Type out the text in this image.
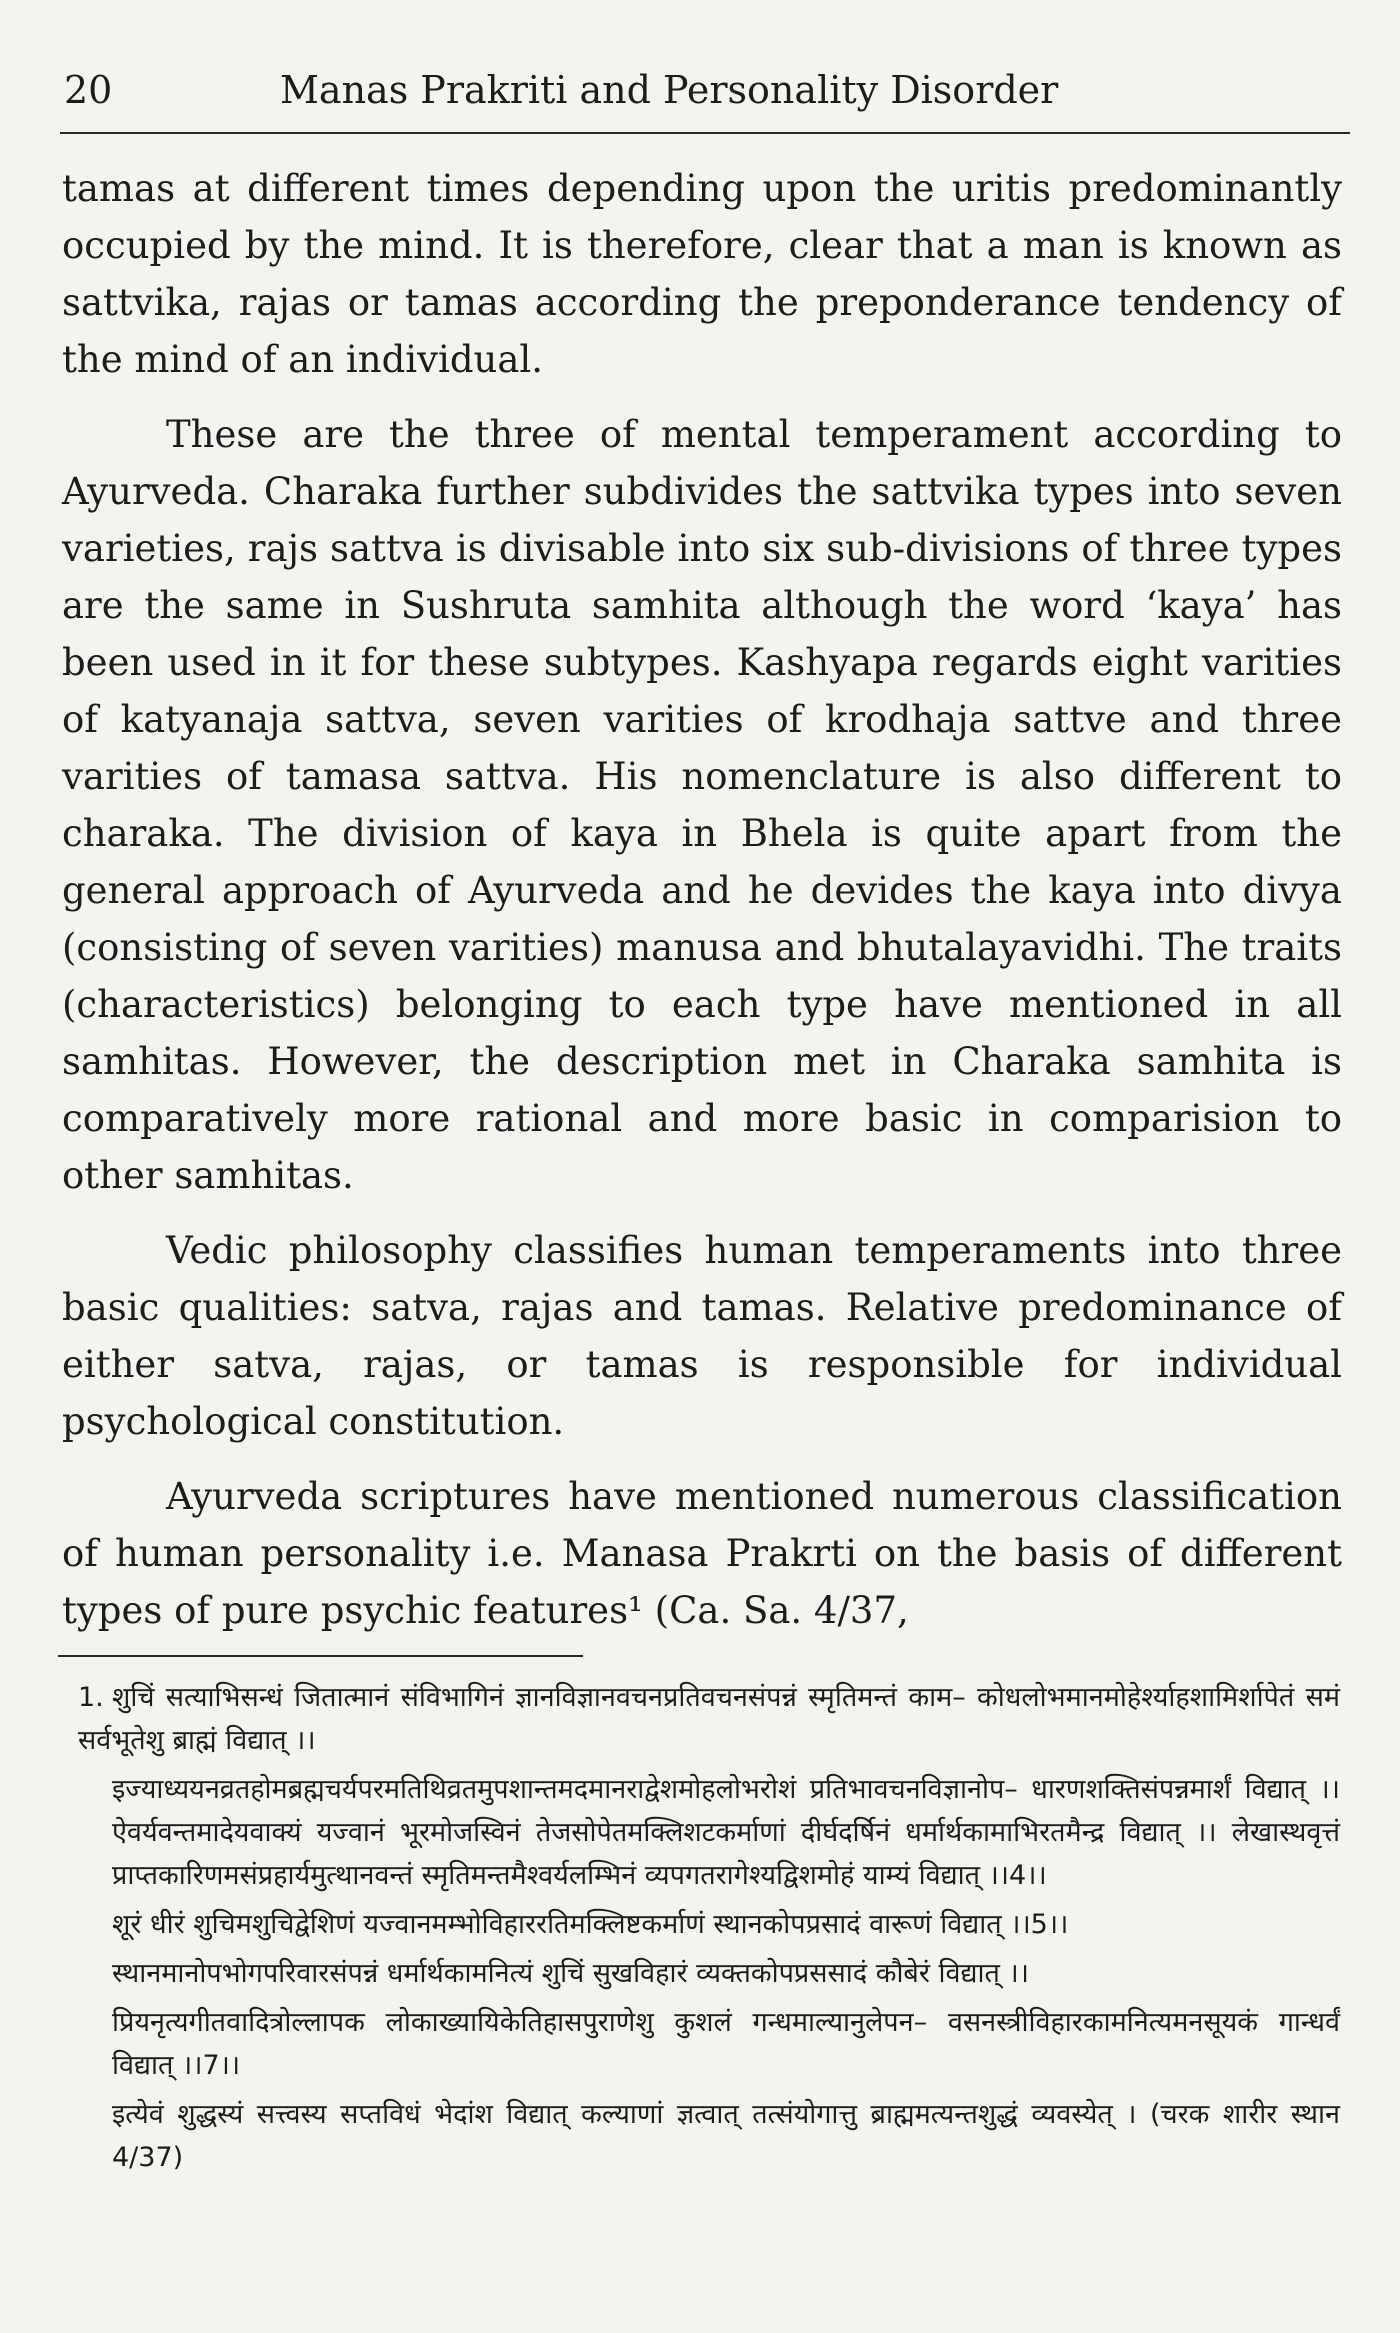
20	Manas Prakriti and Personality Disorder

tamas at different times depending upon the uritis predominantly occupied by the mind. It is therefore, clear that a man is known as sattvika, rajas or tamas according the preponderance tendency of the mind of an individual.

These are the three of mental temperament according to Ayurveda. Charaka further subdivides the sattvika types into seven varieties, rajs sattva is divisable into six sub-divisions of three types are the same in Sushruta samhita although the word ‘kaya’ has been used in it for these subtypes. Kashyapa regards eight varities of katyanaja sattva, seven varities of krodhaja sattve and three varities of tamasa sattva. His nomenclature is also different to charaka. The division of kaya in Bhela is quite apart from the general approach of Ayurveda and he devides the kaya into divya (consisting of seven varities) manusa and bhutalayavidhi. The traits (characteristics) belonging to each type have mentioned in all samhitas. However, the description met in Charaka samhita is comparatively more rational and more basic in comparision to other samhitas.

Vedic philosophy classifies human temperaments into three basic qualities: satva, rajas and tamas. Relative predominance of either satva, rajas, or tamas is responsible for individual psychological constitution.

Ayurveda scriptures have mentioned numerous classification of human personality i.e. Manasa Prakrti on the basis of different types of pure psychic features¹ (Ca. Sa. 4/37,

1. शुचिं सत्याभिसन्धं जितात्मानं संविभागिनं ज्ञानविज्ञानवचनप्रतिवचनसंपन्नं स्मृतिमन्तं काम– कोधलोभमानमोहेर्श्याहशामिर्शापेतं समं सर्वभूतेशु ब्राह्मं विद्यात् ।।

इज्याध्ययनव्रतहोमब्रह्मचर्यपरमतिथिव्रतमुपशान्तमदमानराद्वेशमोहलोभरोशं प्रतिभावचनविज्ञानोप– धारणशक्तिसंपन्नमार्शं विद्यात् ।। ऐवर्यवन्तमादेयवाक्यं यज्वानं भूरमोजस्विनं तेजसोपेतमक्लिशटकर्माणां दीर्घदर्षिनं धर्मार्थकामाभिरतमैन्द्र विद्यात् ।। लेखास्थवृत्तं प्राप्तकारिणमसंप्रहार्यमुत्थानवन्तं स्मृतिमन्तमैश्वर्यलम्भिनं व्यपगतरागेश्यद्विशमोहं याम्यं विद्यात् ।।4।।

शूरं धीरं शुचिमशुचिद्वेशिणं यज्वानमम्भोविहाररतिमक्लिष्टकर्माणं स्थानकोपप्रसादं वारूणं विद्यात् ।।5।।

स्थानमानोपभोगपरिवारसंपन्नं धर्मार्थकामनित्यं शुचिं सुखविहारं व्यक्तकोपप्रससादं कौबेरं विद्यात् ।।

प्रियनृत्यगीतवादित्रोल्लापक लोकाख्यायिकेतिहासपुराणेशु कुशलं गन्धमाल्यानुलेपन– वसनस्त्रीविहारकामनित्यमनसूयकं गान्धर्वं विद्यात् ।।7।।

इत्येवं शुद्धस्यं सत्त्वस्य सप्तविधं भेदांश विद्यात् कल्याणां ज्ञत्वात् तत्संयोगात्तु ब्राह्ममत्यन्तशुद्धं व्यवस्येत् । (चरक शारीर स्थान 4/37)
